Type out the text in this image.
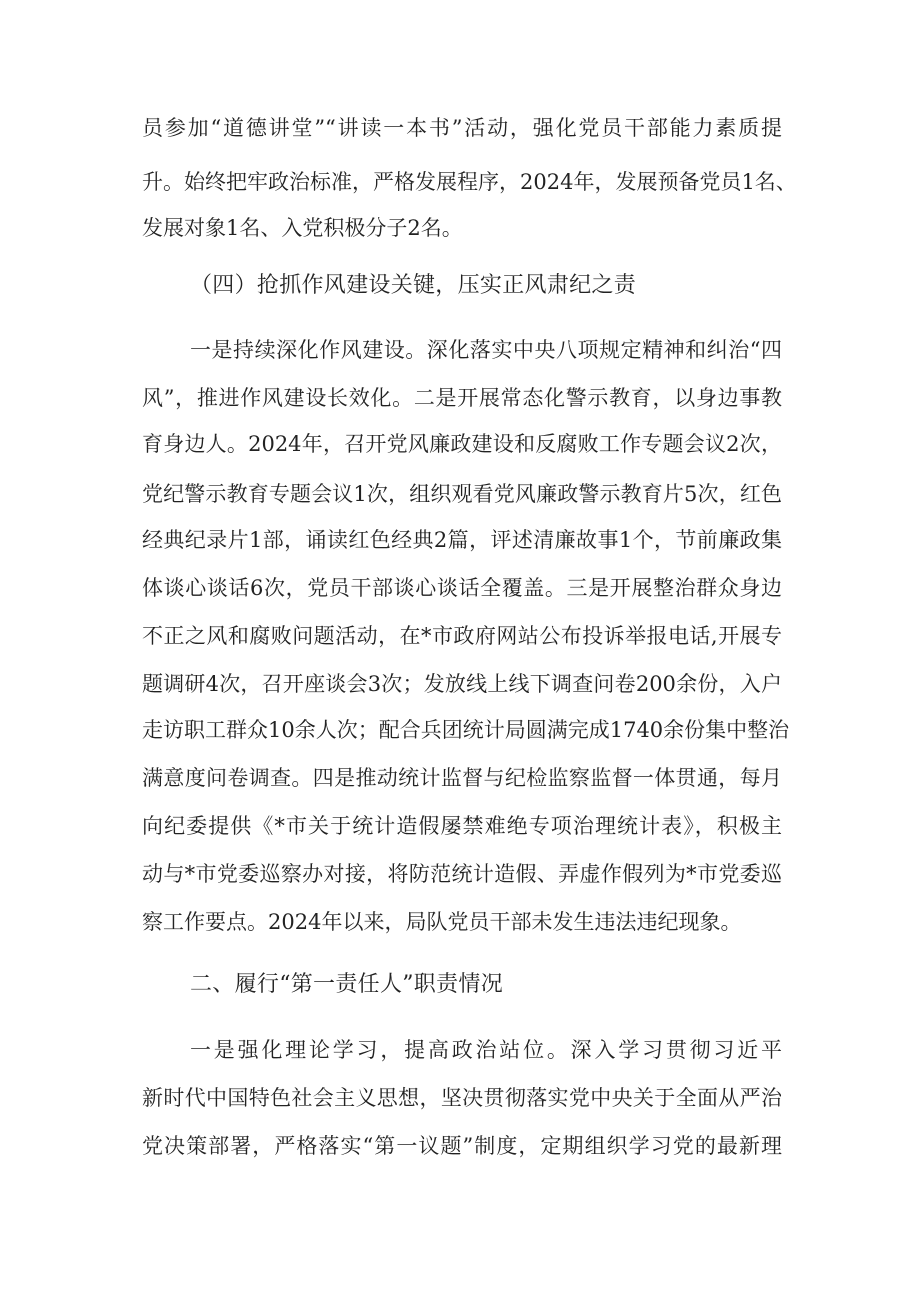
员参加“道德讲堂”“讲读一本书”活动，强化党员干部能力素质提

升。始终把牢政治标准，严格发展程序，2024年，发展预备党员1名、

发展对象1名、入党积极分子2名。

（四）抢抓作风建设关键，压实正风肃纪之责

一是持续深化作风建设。深化落实中央八项规定精神和纠治“四

风”，推进作风建设长效化。二是开展常态化警示教育，以身边事教

育身边人。2024年，召开党风廉政建设和反腐败工作专题会议2次，

党纪警示教育专题会议1次，组织观看党风廉政警示教育片5次，红色

经典纪录片1部，诵读红色经典2篇，评述清廉故事1个，节前廉政集

体谈心谈话6次，党员干部谈心谈话全覆盖。三是开展整治群众身边

不正之风和腐败问题活动，在*市政府网站公布投诉举报电话,开展专

题调研4次，召开座谈会3次；发放线上线下调查问卷200余份，入户

走访职工群众10余人次；配合兵团统计局圆满完成1740余份集中整治

满意度问卷调查。四是推动统计监督与纪检监察监督一体贯通，每月

向纪委提供《*市关于统计造假屡禁难绝专项治理统计表》，积极主

动与*市党委巡察办对接，将防范统计造假、弄虚作假列为*市党委巡

察工作要点。2024年以来，局队党员干部未发生违法违纪现象。

二、履行“第一责任人”职责情况

一是强化理论学习，提高政治站位。深入学习贯彻习近平

新时代中国特色社会主义思想，坚决贯彻落实党中央关于全面从严治

党决策部署，严格落实“第一议题”制度，定期组织学习党的最新理
